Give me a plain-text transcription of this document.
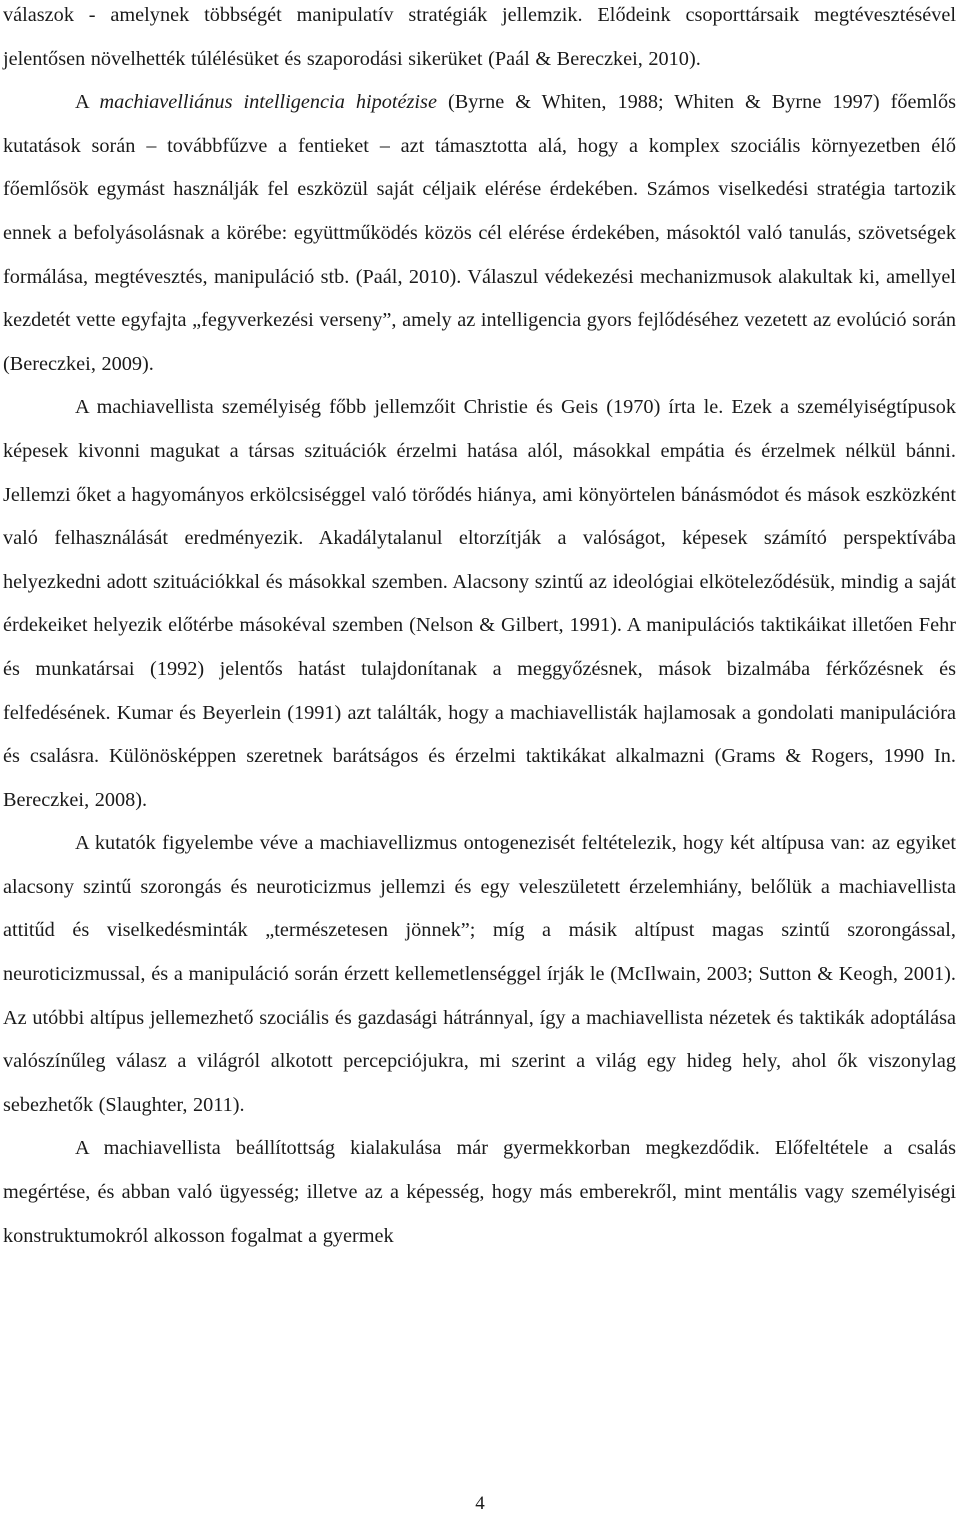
válaszok - amelynek többségét manipulatív stratégiák jellemzik. Elődeink csoporttársaik megtévesztésével jelentősen növelhették túlélésüket és szaporodási sikerüket (Paál & Bereczkei, 2010).

A machiavelliánus intelligencia hipotézise (Byrne & Whiten, 1988; Whiten & Byrne 1997) főemlős kutatások során ⎯ továbbfűzve a fentieket ⎯ azt támasztotta alá, hogy a komplex szociális környezetben élő főemlősök egymást használják fel eszközül saját céljaik elérése érdekében. Számos viselkedési stratégia tartozik ennek a befolyásolásnak a körébe: együttműködés közös cél elérése érdekében, másoktól való tanulás, szövetségek formálása, megtévesztés, manipuláció stb. (Paál, 2010). Válaszul védekezési mechanizmusok alakultak ki, amellyel kezdetét vette egyfajta „fegyverkezési verseny”, amely az intelligencia gyors fejlődéséhez vezetett az evolúció során (Bereczkei, 2009).

A machiavellista személyiség főbb jellemzőit Christie és Geis (1970) írta le. Ezek a személyiségtípusok képesek kivonni magukat a társas szituációk érzelmi hatása alól, másokkal empátia és érzelmek nélkül bánni. Jellemzi őket a hagyományos erkölcsiséggel való törődés hiánya, ami könyörtelen bánásmódot és mások eszközként való felhasználását eredményezik. Akadálytalanul eltorzítják a valóságot, képesek számító perspektívába helyezkedni adott szituációkkal és másokkal szemben. Alacsony szintű az ideológiai elköteleződésük, mindig a saját érdekeiket helyezik előtérbe másokéval szemben (Nelson & Gilbert, 1991). A manipulációs taktikáikat illetően Fehr és munkatársai (1992) jelentős hatást tulajdonítanak a meggyőzésnek, mások bizalmába férkőzésnek és felfedésének. Kumar és Beyerlein (1991) azt találták, hogy a machiavellisták hajlamosak a gondolati manipulációra és csalásra. Különösképpen szeretnek barátságos és érzelmi taktikákat alkalmazni (Grams & Rogers, 1990 In. Bereczkei, 2008).

A kutatók figyelembe véve a machiavellizmus ontogenezisét feltételezik, hogy két altípusa van: az egyiket alacsony szintű szorongás és neuroticizmus jellemzi és egy veleszületett érzelemhiány, belőlük a machiavellista attitűd és viselkedésminták „természetesen jönnek”; míg a másik altípust magas szintű szorongással, neuroticizmussal, és a manipuláció során érzett kellemetlenséggel írják le (McIlwain, 2003; Sutton & Keogh, 2001). Az utóbbi altípus jellemezhető szociális és gazdasági hátránnyal, így a machiavellista nézetek és taktikák adoptálása valószínűleg válasz a világról alkotott percepciójukra, mi szerint a világ egy hideg hely, ahol ők viszonylag sebezhetők (Slaughter, 2011).

A machiavellista beállítottság kialakulása már gyermekkorban megkezdődik. Előfeltétele a csalás megértése, és abban való ügyesség; illetve az a képesség, hogy más emberekről, mint mentális vagy személyiségi konstruktumokról alkosson fogalmat a gyermek

4
